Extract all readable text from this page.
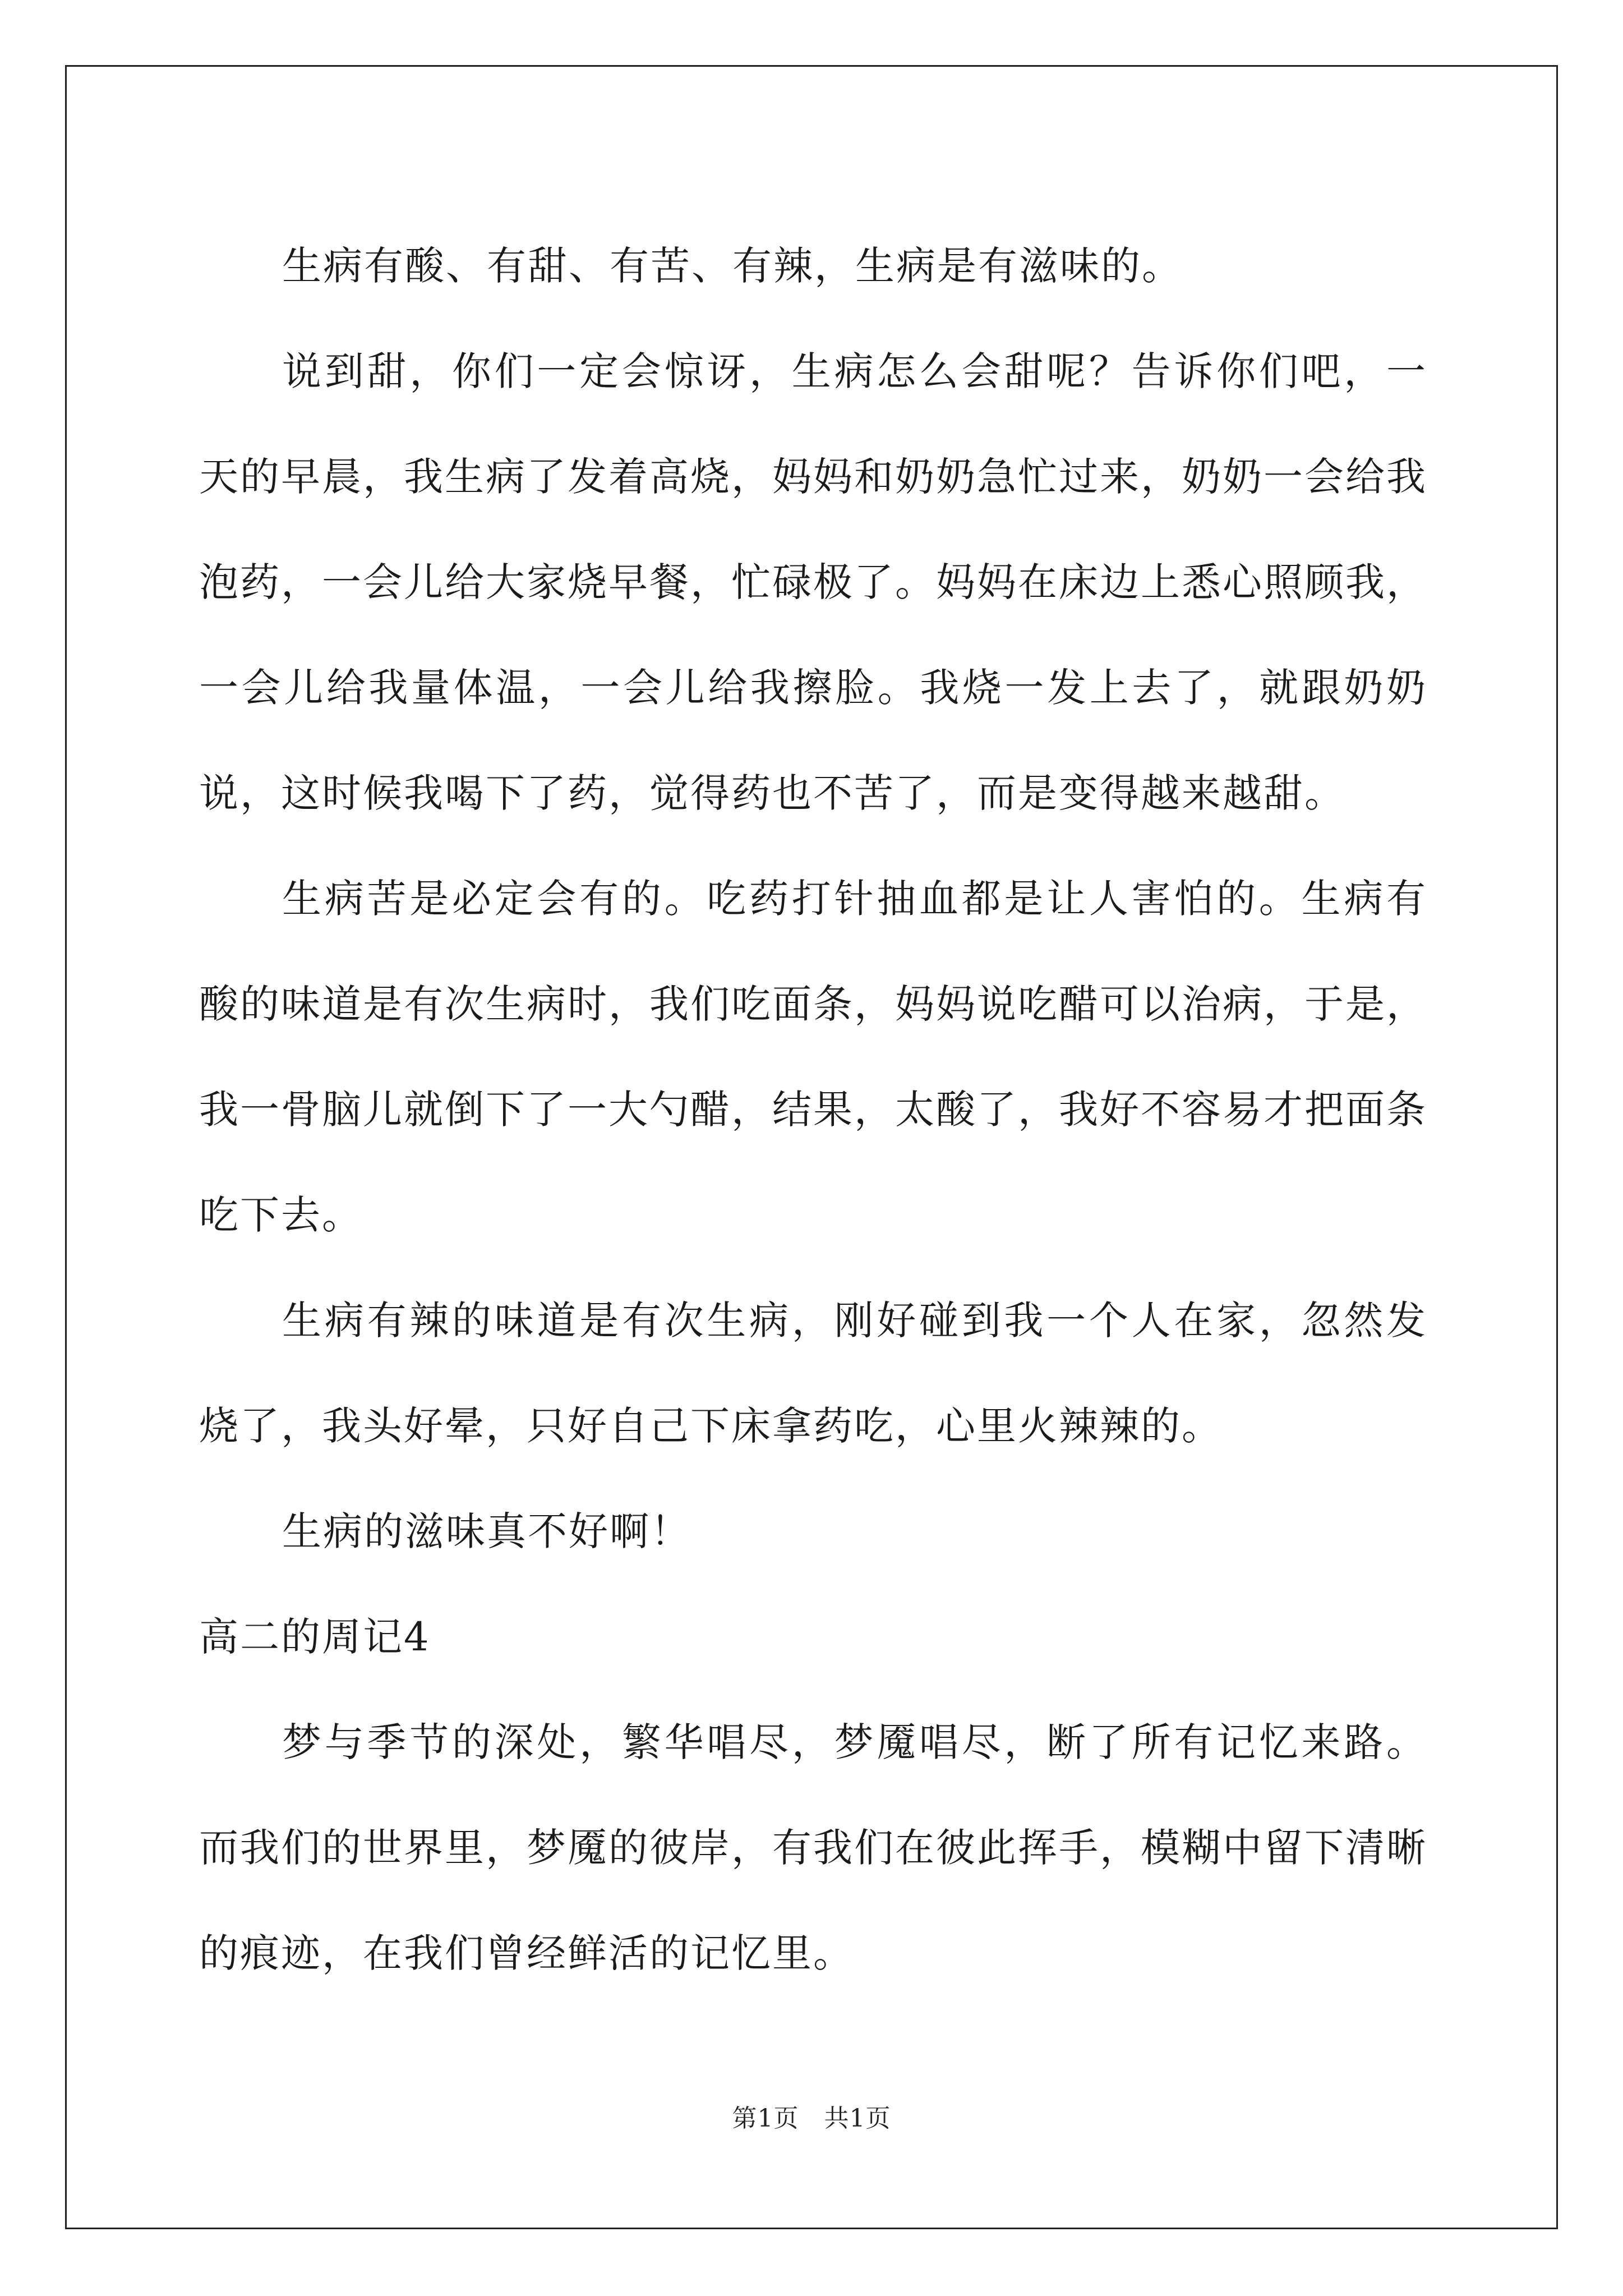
生病有酸、有甜、有苦、有辣，生病是有滋味的。

说到甜，你们一定会惊讶，生病怎么会甜呢？告诉你们吧，一天的早晨，我生病了发着高烧，妈妈和奶奶急忙过来，奶奶一会给我泡药，一会儿给大家烧早餐，忙碌极了。妈妈在床边上悉心照顾我，一会儿给我量体温，一会儿给我擦脸。我烧一发上去了，就跟奶奶说，这时候我喝下了药，觉得药也不苦了，而是变得越来越甜。

生病苦是必定会有的。吃药打针抽血都是让人害怕的。生病有酸的味道是有次生病时，我们吃面条，妈妈说吃醋可以治病，于是，我一骨脑儿就倒下了一大勺醋，结果，太酸了，我好不容易才把面条吃下去。

生病有辣的味道是有次生病，刚好碰到我一个人在家，忽然发烧了，我头好晕，只好自己下床拿药吃，心里火辣辣的。

生病的滋味真不好啊！

高二的周记4

梦与季节的深处，繁华唱尽，梦魇唱尽，断了所有记忆来路。而我们的世界里，梦魇的彼岸，有我们在彼此挥手，模糊中留下清晰的痕迹，在我们曾经鲜活的记忆里。

第1页　共1页
